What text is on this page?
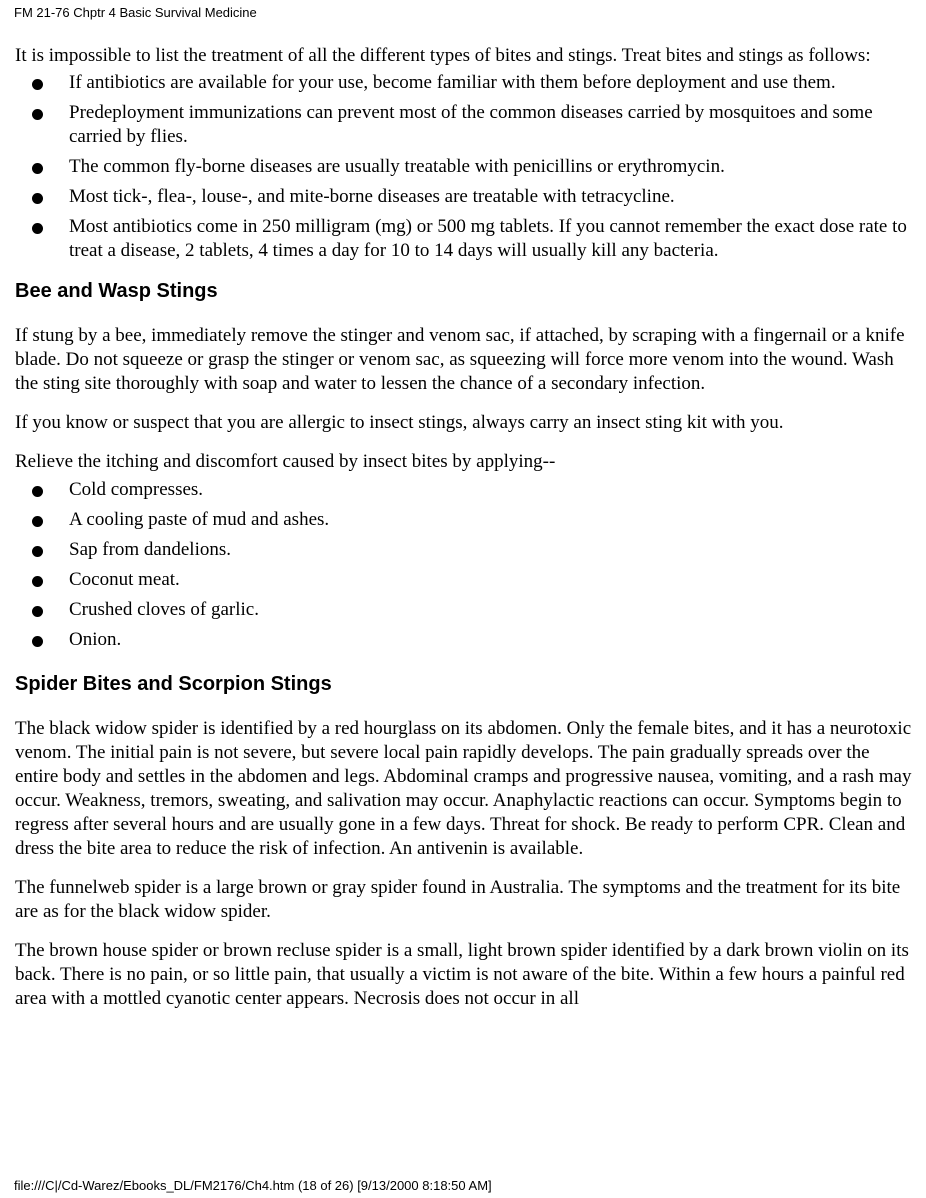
FM 21-76 Chptr 4 Basic Survival Medicine

It is impossible to list the treatment of all the different types of bites and stings. Treat bites and stings as follows:

If antibiotics are available for your use, become familiar with them before deployment and use them.
Predeployment immunizations can prevent most of the common diseases carried by mosquitoes and some carried by flies.
The common fly-borne diseases are usually treatable with penicillins or erythromycin.
Most tick-, flea-, louse-, and mite-borne diseases are treatable with tetracycline.
Most antibiotics come in 250 milligram (mg) or 500 mg tablets. If you cannot remember the exact dose rate to treat a disease, 2 tablets, 4 times a day for 10 to 14 days will usually kill any bacteria.
Bee and Wasp Stings

If stung by a bee, immediately remove the stinger and venom sac, if attached, by scraping with a fingernail or a knife blade. Do not squeeze or grasp the stinger or venom sac, as squeezing will force more venom into the wound. Wash the sting site thoroughly with soap and water to lessen the chance of a secondary infection.

If you know or suspect that you are allergic to insect stings, always carry an insect sting kit with you.

Relieve the itching and discomfort caused by insect bites by applying--

Cold compresses.
A cooling paste of mud and ashes.
Sap from dandelions.
Coconut meat.
Crushed cloves of garlic.
Onion.
Spider Bites and Scorpion Stings

The black widow spider is identified by a red hourglass on its abdomen. Only the female bites, and it has a neurotoxic venom. The initial pain is not severe, but severe local pain rapidly develops. The pain gradually spreads over the entire body and settles in the abdomen and legs. Abdominal cramps and progressive nausea, vomiting, and a rash may occur. Weakness, tremors, sweating, and salivation may occur. Anaphylactic reactions can occur. Symptoms begin to regress after several hours and are usually gone in a few days. Threat for shock. Be ready to perform CPR. Clean and dress the bite area to reduce the risk of infection. An antivenin is available.

The funnelweb spider is a large brown or gray spider found in Australia. The symptoms and the treatment for its bite are as for the black widow spider.

The brown house spider or brown recluse spider is a small, light brown spider identified by a dark brown violin on its back. There is no pain, or so little pain, that usually a victim is not aware of the bite. Within a few hours a painful red area with a mottled cyanotic center appears. Necrosis does not occur in all

file:///C|/Cd-Warez/Ebooks_DL/FM2176/Ch4.htm (18 of 26) [9/13/2000 8:18:50 AM]
